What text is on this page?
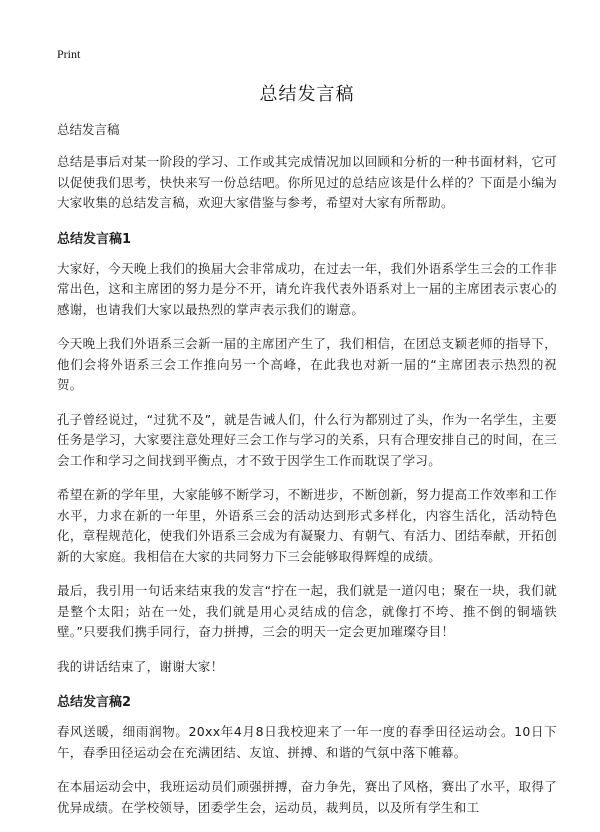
Print
总结发言稿
总结发言稿

总结是事后对某一阶段的学习、工作或其完成情况加以回顾和分析的一种书面材料，它可以促使我们思考，快快来写一份总结吧。你所见过的总结应该是什么样的？下面是小编为大家收集的总结发言稿，欢迎大家借鉴与参考，希望对大家有所帮助。

总结发言稿1

大家好，今天晚上我们的换届大会非常成功，在过去一年，我们外语系学生三会的工作非常出色，这和主席团的努力是分不开，请允许我代表外语系对上一届的主席团表示衷心的感谢，也请我们大家以最热烈的掌声表示我们的谢意。

今天晚上我们外语系三会新一届的主席团产生了，我们相信，在团总支颖老师的指导下，他们会将外语系三会工作推向另一个高峰，在此我也对新一届的“主席团表示热烈的祝贺。

孔子曾经说过，“过犹不及”，就是告诫人们，什么行为都别过了头，作为一名学生，主要任务是学习，大家要注意处理好三会工作与学习的关系，只有合理安排自己的时间，在三会工作和学习之间找到平衡点，才不致于因学生工作而耽误了学习。

希望在新的学年里，大家能够不断学习，不断进步，不断创新，努力提高工作效率和工作水平，力求在新的一年里，外语系三会的活动达到形式多样化，内容生活化，活动特色化，章程规范化，使我们外语系三会成为有凝聚力、有朝气、有活力、团结奉献，开拓创新的大家庭。我相信在大家的共同努力下三会能够取得辉煌的成绩。

最后，我引用一句话来结束我的发言“拧在一起，我们就是一道闪电；聚在一块，我们就是整个太阳；站在一处，我们就是用心灵结成的信念，就像打不垮、推不倒的铜墙铁壁。”只要我们携手同行，奋力拼搏，三会的明天一定会更加璀璨夺目！

我的讲话结束了，谢谢大家！

总结发言稿2

春风送暖，细雨润物。20xx年4月8日我校迎来了一年一度的春季田径运动会。10日下午，春季田径运动会在充满团结、友谊、拼搏、和谐的气氛中落下帷幕。

在本届运动会中，我班运动员们顽强拼搏，奋力争先，赛出了风格，赛出了水平，取得了优异成绩。在学校领导，团委学生会，运动员，裁判员，以及所有学生和工
